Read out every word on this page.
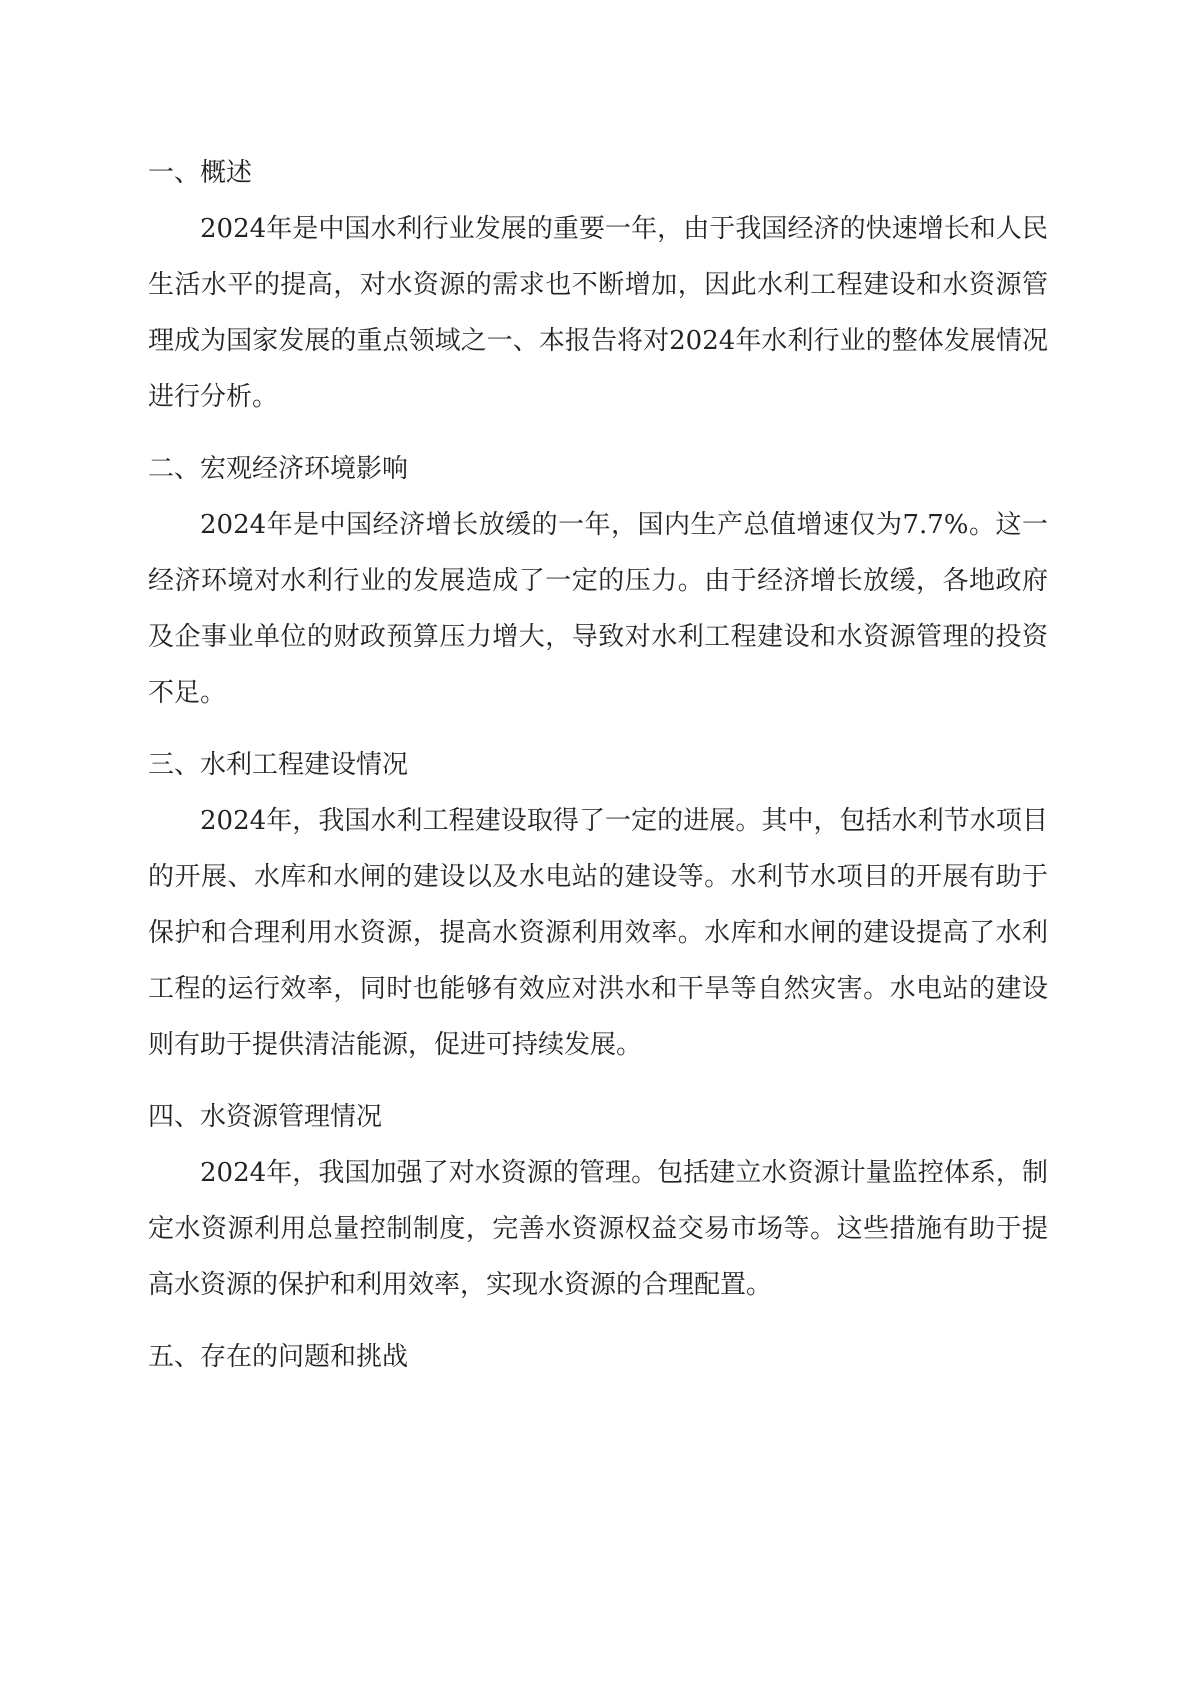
一、概述

2024年是中国水利行业发展的重要一年，由于我国经济的快速增长和人民生活水平的提高，对水资源的需求也不断增加，因此水利工程建设和水资源管理成为国家发展的重点领域之一、本报告将对2024年水利行业的整体发展情况进行分析。

二、宏观经济环境影响

2024年是中国经济增长放缓的一年，国内生产总值增速仅为7.7%。这一经济环境对水利行业的发展造成了一定的压力。由于经济增长放缓，各地政府及企事业单位的财政预算压力增大，导致对水利工程建设和水资源管理的投资不足。

三、水利工程建设情况

2024年，我国水利工程建设取得了一定的进展。其中，包括水利节水项目的开展、水库和水闸的建设以及水电站的建设等。水利节水项目的开展有助于保护和合理利用水资源，提高水资源利用效率。水库和水闸的建设提高了水利工程的运行效率，同时也能够有效应对洪水和干旱等自然灾害。水电站的建设则有助于提供清洁能源，促进可持续发展。

四、水资源管理情况

2024年，我国加强了对水资源的管理。包括建立水资源计量监控体系，制定水资源利用总量控制制度，完善水资源权益交易市场等。这些措施有助于提高水资源的保护和利用效率，实现水资源的合理配置。

五、存在的问题和挑战
